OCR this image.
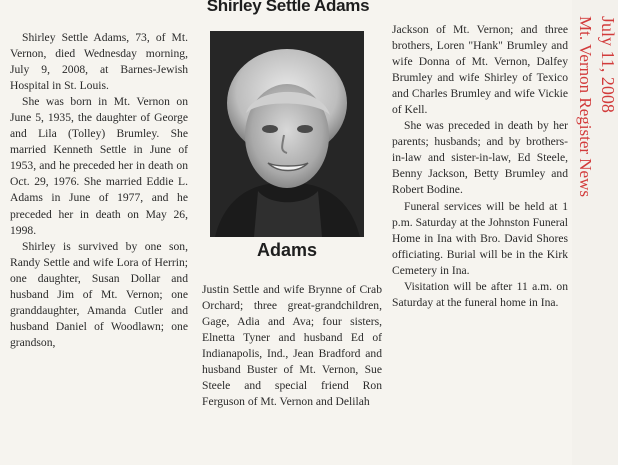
Shirley Settle Adams

Shirley Settle Adams, 73, of Mt. Vernon, died Wednesday morning, July 9, 2008, at Barnes-Jewish Hospital in St. Louis.

She was born in Mt. Vernon on June 5, 1935, the daughter of George and Lila (Tolley) Brumley. She married Kenneth Settle in June of 1953, and he preceded her in death on Oct. 29, 1976. She married Eddie L. Adams in June of 1977, and he preceded her in death on May 26, 1998.

Shirley is survived by one son, Randy Settle and wife Lora of Herrin; one daughter, Susan Dollar and husband Jim of Mt. Vernon; one granddaughter, Amanda Cutler and husband Daniel of Woodlawn; one grandson,

Adams

Justin Settle and wife Brynne of Crab Orchard; three great-grandchildren, Gage, Adia and Ava; four sisters, Elnetta Tyner and husband Ed of Indianapolis, Ind., Jean Bradford and husband Buster of Mt. Vernon, Sue Steele and special friend Ron Ferguson of Mt. Vernon and Delilah

Jackson of Mt. Vernon; and three brothers, Loren "Hank" Brumley and wife Donna of Mt. Vernon, Dalfey Brumley and wife Shirley of Texico and Charles Brumley and wife Vickie of Kell.

She was preceded in death by her parents; husbands; and by brothers-in-law and sister-in-law, Ed Steele, Benny Jackson, Betty Brumley and Robert Bodine.

Funeral services will be held at 1 p.m. Saturday at the Johnston Funeral Home in Ina with Bro. David Shores officiating. Burial will be in the Kirk Cemetery in Ina.

Visitation will be after 11 a.m. on Saturday at the funeral home in Ina.

July 11, 2008
Mt. Vernon Register News
